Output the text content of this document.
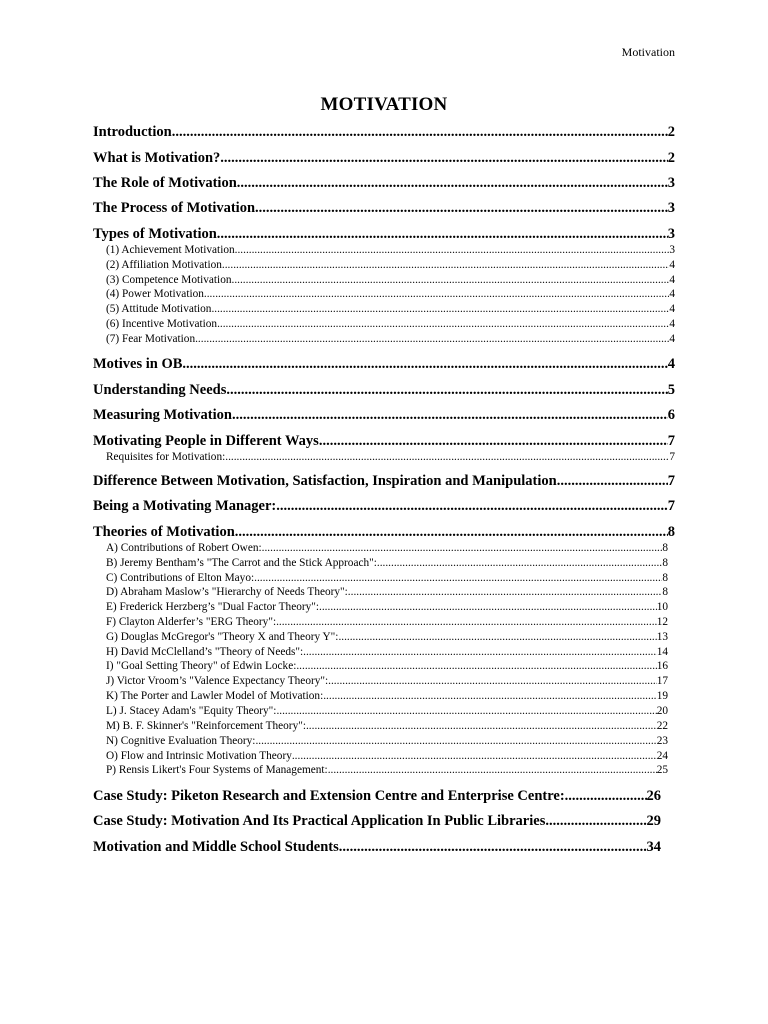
Motivation
MOTIVATION
Introduction .....	2
What is Motivation? .....	2
The Role of Motivation .....	3
The Process of Motivation .....	3
Types of Motivation .....	3
(1) Achievement Motivation .....	3
(2) Affiliation Motivation .....	4
(3) Competence Motivation .....	4
(4) Power Motivation .....	4
(5) Attitude Motivation .....	4
(6) Incentive Motivation .....	4
(7) Fear Motivation .....	4
Motives in OB .....	4
Understanding Needs .....	5
Measuring Motivation .....	6
Motivating People in Different Ways .....	7
Requisites for Motivation: .....	7
Difference Between Motivation, Satisfaction, Inspiration and Manipulation .....	7
Being a Motivating Manager: .....	7
Theories of Motivation .....	8
A) Contributions of Robert Owen: .....	8
B) Jeremy Bentham’s "The Carrot and the Stick Approach": .....	8
C) Contributions of Elton Mayo: .....	8
D) Abraham Maslow’s "Hierarchy of Needs Theory": .....	8
E) Frederick Herzberg’s "Dual Factor Theory": .....	10
F) Clayton Alderfer’s "ERG Theory": .....	12
G) Douglas McGregor's "Theory X and Theory Y": .....	13
H) David McClelland’s "Theory of Needs": .....	14
I) "Goal Setting Theory" of Edwin Locke: .....	16
J) Victor Vroom’s "Valence Expectancy Theory": .....	17
K) The Porter and Lawler Model of Motivation: .....	19
L) J. Stacey Adam's "Equity Theory": .....	20
M) B. F. Skinner's "Reinforcement Theory": .....	22
N) Cognitive Evaluation Theory: .....	23
O) Flow and Intrinsic Motivation Theory .....	24
P) Rensis Likert's Four Systems of Management: .....	25
Case Study: Piketon Research and Extension Centre and Enterprise Centre: .....	26
Case Study: Motivation And Its Practical Application In Public Libraries .....	29
Motivation and Middle School Students .....	34
